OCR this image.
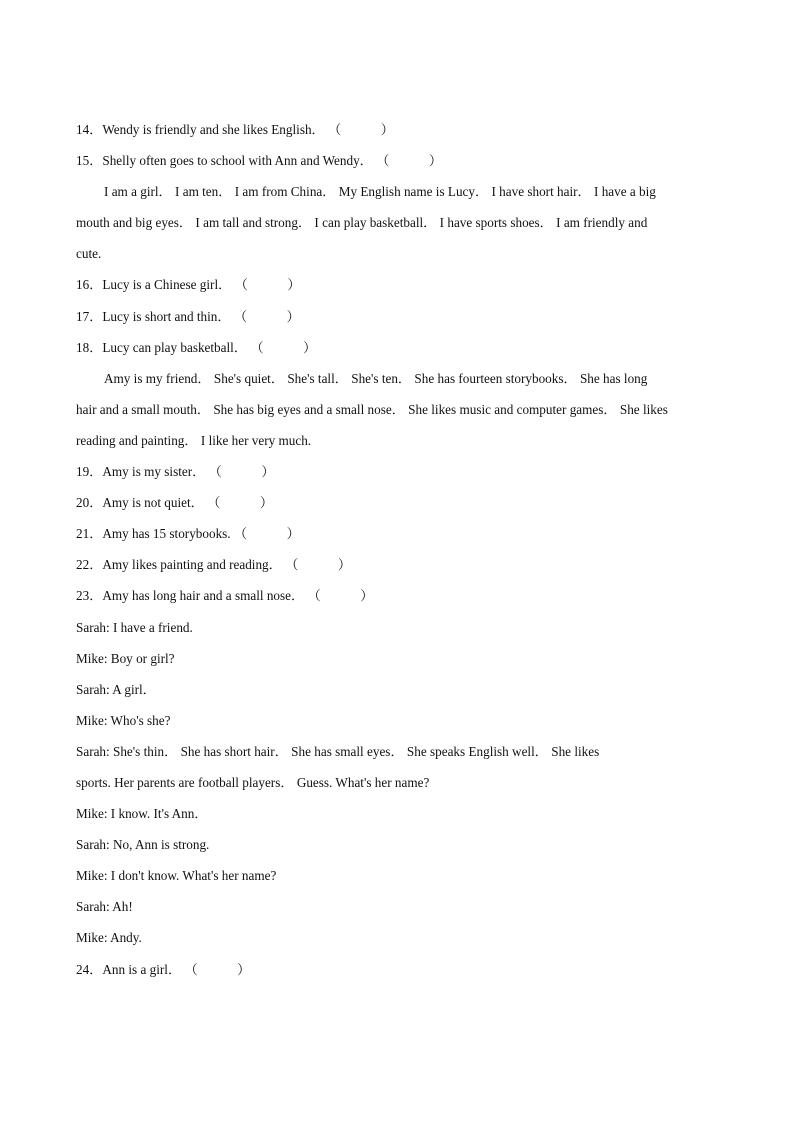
14．Wendy is friendly and she likes English． （　　　）
15．Shelly often goes to school with Ann and Wendy． （　　　）
I am a girl． I am ten． I am from China． My English name is Lucy． I have short hair． I have a big
mouth and big eyes． I am tall and strong． I can play basketball． I have sports shoes． I am friendly and
cute.
16．Lucy is a Chinese girl． （　　　）
17．Lucy is short and thin． （　　　）
18．Lucy can play basketball． （　　　）
Amy is my friend． She's quiet． She's tall． She's ten． She has fourteen storybooks． She has long
hair and a small mouth． She has big eyes and a small nose． She likes music and computer games． She likes
reading and painting． I like her very much.
19．Amy is my sister． （　　　）
20．Amy is not quiet． （　　　）
21．Amy has 15 storybooks. （　　　）
22．Amy likes painting and reading． （　　　）
23．Amy has long hair and a small nose． （　　　）
Sarah: I have a friend.
Mike: Boy or girl?
Sarah: A girl．
Mike: Who's she?
Sarah: She's thin． She has short hair． She has small eyes． She speaks English well． She likes
sports. Her parents are football players． Guess. What's her name?
Mike: I know. It's Ann．
Sarah: No, Ann is strong.
Mike: I don't know. What's her name?
Sarah: Ah!
Mike: Andy.
24．Ann is a girl． （　　　）
